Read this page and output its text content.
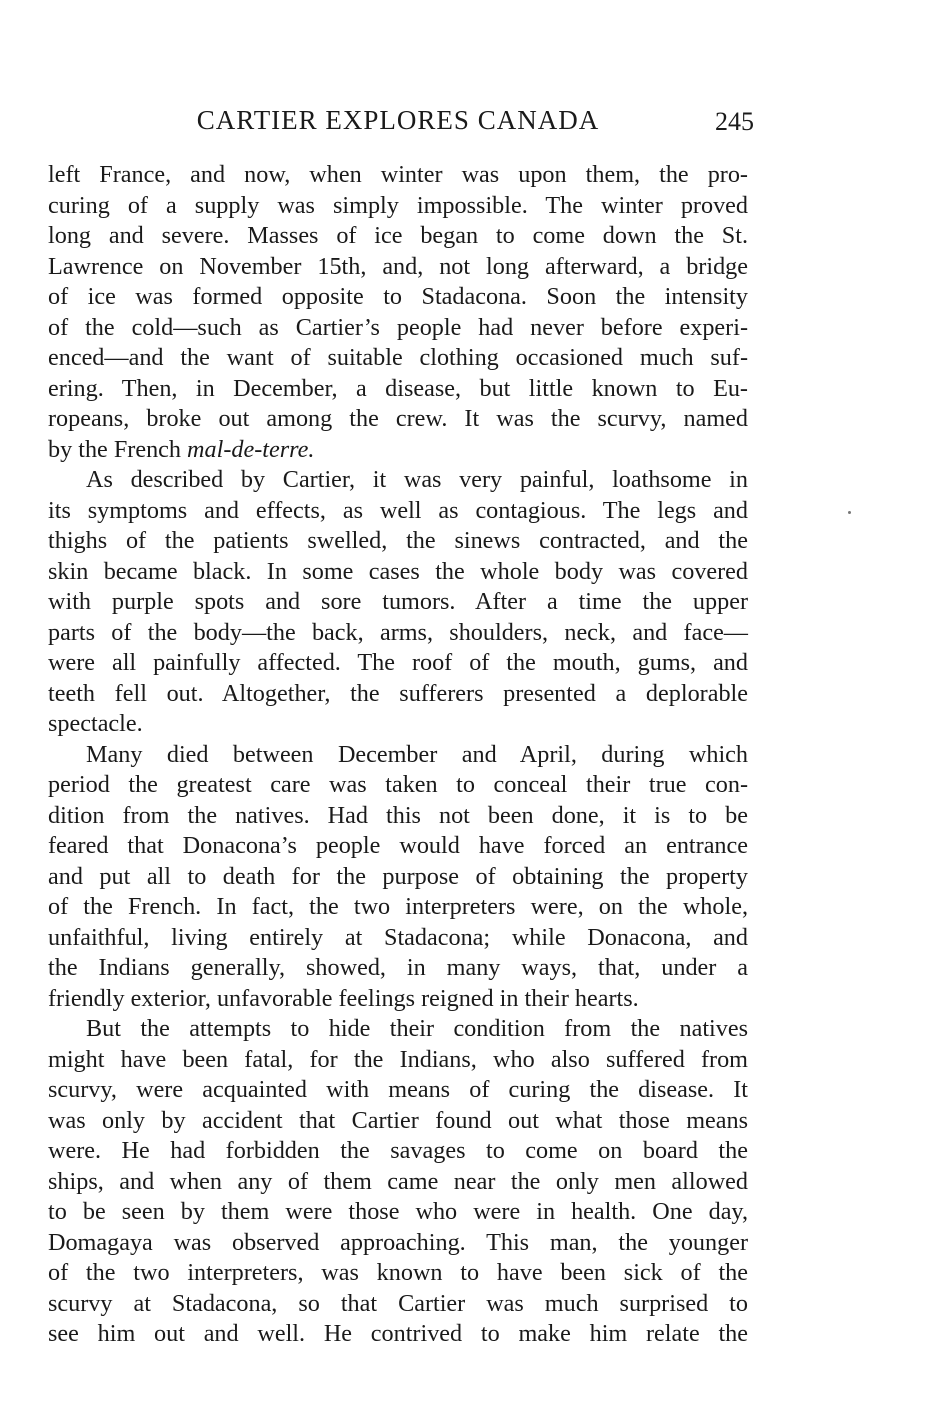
CARTIER EXPLORES CANADA	245
left France, and now, when winter was upon them, the pro-
curing of a supply was simply impossible. The winter proved
long and severe. Masses of ice began to come down the St.
Lawrence on November 15th, and, not long afterward, a bridge
of ice was formed opposite to Stadacona. Soon the intensity
of the cold—such as Cartier’s people had never before experi-
enced—and the want of suitable clothing occasioned much suf-
ering. Then, in December, a disease, but little known to Eu-
ropeans, broke out among the crew. It was the scurvy, named
by the French mal-de-terre.
As described by Cartier, it was very painful, loathsome in
its symptoms and effects, as well as contagious. The legs and
thighs of the patients swelled, the sinews contracted, and the
skin became black. In some cases the whole body was covered
with purple spots and sore tumors. After a time the upper
parts of the body—the back, arms, shoulders, neck, and face—
were all painfully affected. The roof of the mouth, gums, and
teeth fell out. Altogether, the sufferers presented a deplorable
spectacle.
Many died between December and April, during which
period the greatest care was taken to conceal their true con-
dition from the natives. Had this not been done, it is to be
feared that Donacona’s people would have forced an entrance
and put all to death for the purpose of obtaining the property
of the French. In fact, the two interpreters were, on the whole,
unfaithful, living entirely at Stadacona; while Donacona, and
the Indians generally, showed, in many ways, that, under a
friendly exterior, unfavorable feelings reigned in their hearts.
But the attempts to hide their condition from the natives
might have been fatal, for the Indians, who also suffered from
scurvy, were acquainted with means of curing the disease. It
was only by accident that Cartier found out what those means
were. He had forbidden the savages to come on board the
ships, and when any of them came near the only men allowed
to be seen by them were those who were in health. One day,
Domagaya was observed approaching. This man, the younger
of the two interpreters, was known to have been sick of the
scurvy at Stadacona, so that Cartier was much surprised to
see him out and well. He contrived to make him relate the
